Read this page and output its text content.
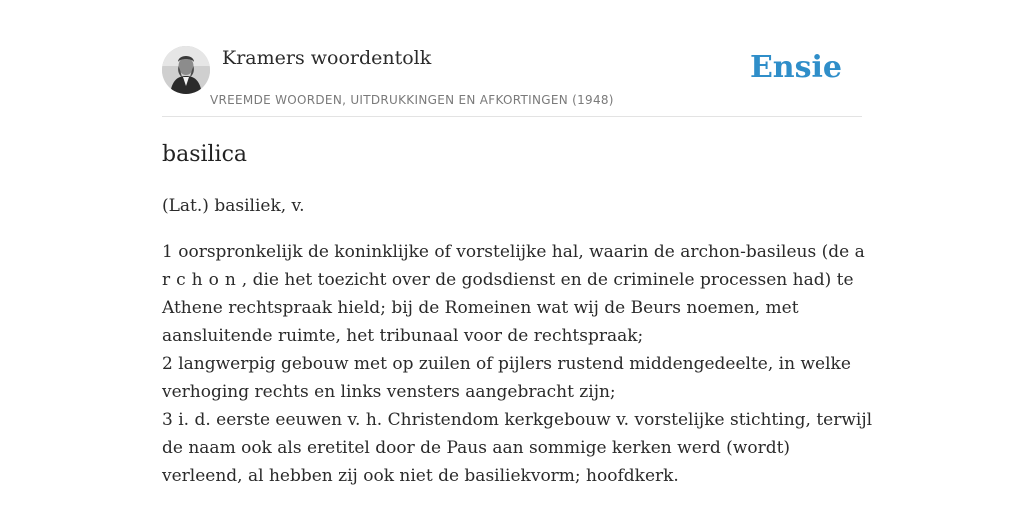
Kramers woordentolk
VREEMDE WOORDEN, UITDRUKKINGEN EN AFKORTINGEN (1948)
Ensie
basilica

(Lat.) basiliek, v.

1 oorspronkelijk de koninklijke of vorstelijke hal, waarin de archon-basileus (de a
rchon, die het toezicht over de godsdienst en de criminele processen had) te
Athene rechtspraak hield; bij de Romeinen wat wij de Beurs noemen, met
aansluitende ruimte, het tribunaal voor de rechtspraak;
2 langwerpig gebouw met op zuilen of pijlers rustend middengedeelte, in welke
verhoging rechts en links vensters aangebracht zijn;
3 i. d. eerste eeuwen v. h. Christendom kerkgebouw v. vorstelijke stichting, terwijl
de naam ook als eretitel door de Paus aan sommige kerken werd (wordt)
verleend, al hebben zij ook niet de basiliekvorm; hoofdkerk.
